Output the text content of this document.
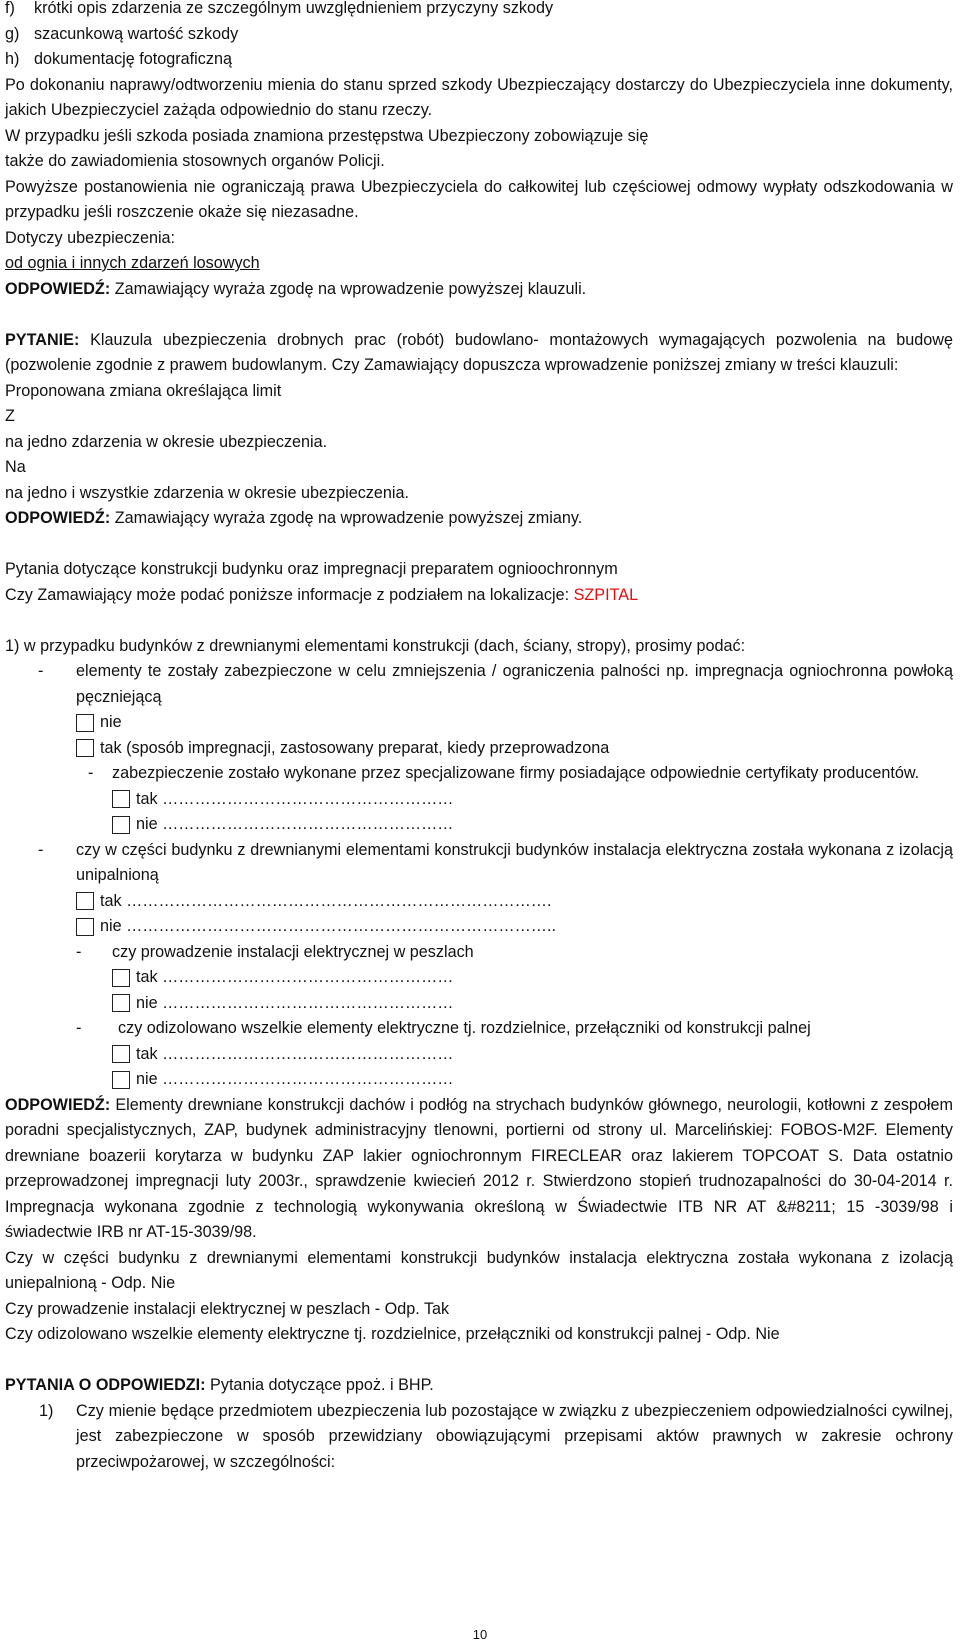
f)	krótki opis zdarzenia ze szczególnym uwzględnieniem przyczyny szkody
g) szacunkową wartość szkody
h) dokumentację fotograficzną

Po dokonaniu naprawy/odtworzeniu mienia do stanu sprzed szkody Ubezpieczający dostarczy do Ubezpieczyciela inne dokumenty, jakich Ubezpieczyciel zażąda odpowiednio do stanu rzeczy.

W przypadku jeśli szkoda posiada znamiona przestępstwa Ubezpieczony zobowiązuje się

także do zawiadomienia stosownych organów Policji.

Powyższe postanowienia nie ograniczają prawa Ubezpieczyciela do całkowitej lub częściowej odmowy wypłaty odszkodowania w przypadku jeśli roszczenie okaże się niezasadne.

Dotyczy ubezpieczenia:

od ognia i innych zdarzeń losowych

ODPOWIEDŹ: Zamawiający wyraża zgodę na wprowadzenie powyższej klauzuli.

PYTANIE: Klauzula ubezpieczenia drobnych prac (robót) budowlano- montażowych wymagających pozwolenia na budowę (pozwolenie zgodnie z prawem budowlanym. Czy Zamawiający dopuszcza wprowadzenie poniższej zmiany w treści klauzuli:

Proponowana zmiana określająca limit

Z

na jedno zdarzenia w okresie ubezpieczenia.

Na

na jedno i wszystkie zdarzenia w okresie ubezpieczenia.

ODPOWIEDŹ: Zamawiający wyraża zgodę na wprowadzenie powyższej zmiany.

Pytania dotyczące konstrukcji budynku oraz impregnacji preparatem ognioochronnym

Czy Zamawiający może podać poniższe informacje z podziałem na lokalizacje: SZPITAL

1) w przypadku budynków z drewnianymi elementami konstrukcji (dach, ściany, stropy), prosimy podać:

-	elementy te zostały zabezpieczone w celu zmniejszenia / ograniczenia palności np. impregnacja ogniochronna powłoką pęczniejącą
nie
tak (sposób impregnacji, zastosowany preparat, kiedy przeprowadzona
-	zabezpieczenie zostało wykonane przez specjalizowane firmy posiadające odpowiednie certyfikaty producentów.
tak ………………………………………………
nie ………………………………………………
-	czy w części budynku z drewnianymi elementami konstrukcji budynków instalacja elektryczna została wykonana z izolacją unipalnioną
tak …………………………………………………………………….
nie ……………………………………………………………………..
-	czy prowadzenie instalacji elektrycznej w peszlach
tak ………………………………………………
nie ………………………………………………
-	czy odizolowano wszelkie elementy elektryczne tj. rozdzielnice, przełączniki od konstrukcji palnej
tak ………………………………………………
nie ………………………………………………

ODPOWIEDŹ: Elementy drewniane konstrukcji dachów i podłóg na strychach budynków głównego, neurologii, kotłowni z zespołem poradni specjalistycznych, ZAP, budynek administracyjny tlenowni, portierni od strony ul. Marcelińskiej: FOBOS-M2F. Elementy drewniane boazerii korytarza w budynku ZAP lakier ogniochronnym FIRECLEAR oraz lakierem TOPCOAT S. Data ostatnio przeprowadzonej impregnacji luty 2003r., sprawdzenie kwiecień 2012 r. Stwierdzono stopień trudnozapalności do 30-04-2014 r. Impregnacja wykonana zgodnie z technologią wykonywania określoną w Świadectwie ITB NR AT &#8211; 15 -3039/98 i świadectwie IRB nr AT-15-3039/98.

Czy w części budynku z drewnianymi elementami konstrukcji budynków instalacja elektryczna została wykonana z izolacją uniepalnioną - Odp. Nie

Czy prowadzenie instalacji elektrycznej w peszlach - Odp. Tak

Czy odizolowano wszelkie elementy elektryczne tj. rozdzielnice, przełączniki od konstrukcji palnej - Odp. Nie

PYTANIA O ODPOWIEDZI: Pytania dotyczące ppoż. i BHP.

1)	Czy mienie będące przedmiotem ubezpieczenia lub pozostające w związku z ubezpieczeniem odpowiedzialności cywilnej, jest zabezpieczone w sposób przewidziany obowiązującymi przepisami aktów prawnych w zakresie ochrony przeciwpożarowej, w szczególności:
10
